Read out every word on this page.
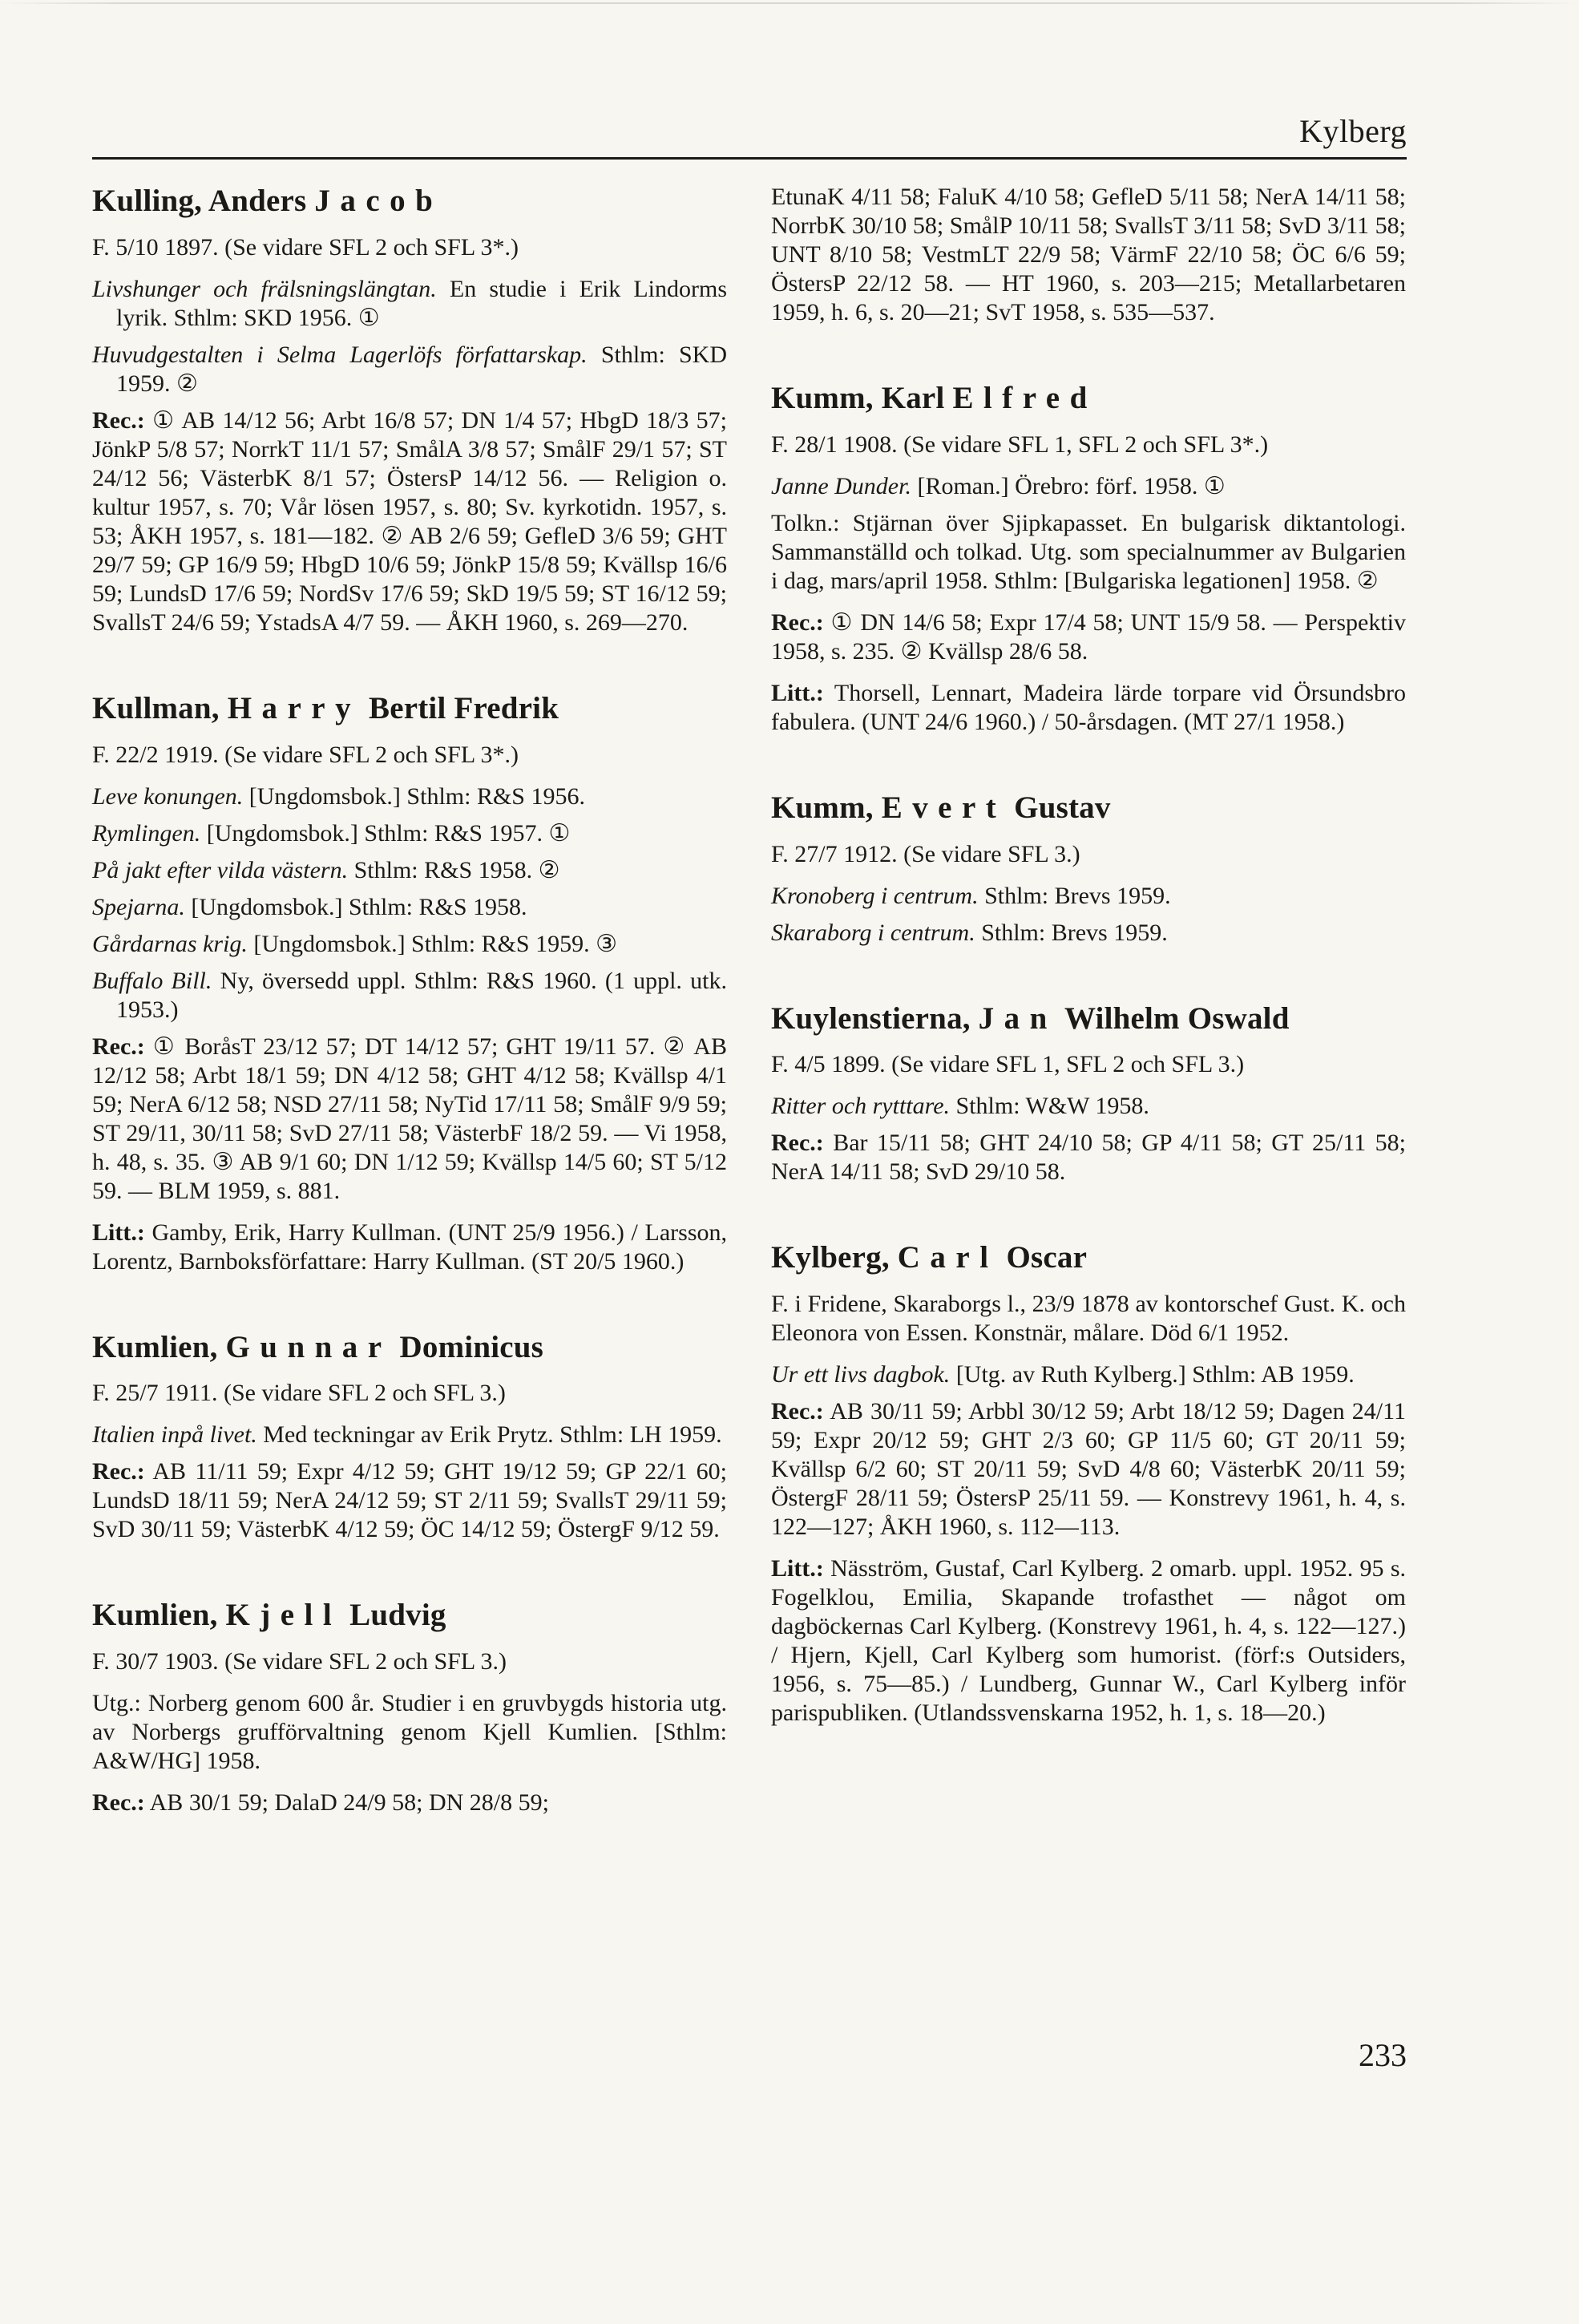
Kylberg
Kulling, Anders Jacob

F. 5/10 1897. (Se vidare SFL 2 och SFL 3*.)

Livshunger och frälsningslängtan. En studie i Erik Lindorms lyrik. Sthlm: SKD 1956. ①

Huvudgestalten i Selma Lagerlöfs författarskap. Sthlm: SKD 1959. ②

Rec.: ① AB 14/12 56; Arbt 16/8 57; DN 1/4 57; HbgD 18/3 57; JönkP 5/8 57; NorrkT 11/1 57; SmålA 3/8 57; SmålF 29/1 57; ST 24/12 56; VästerbK 8/1 57; ÖstersP 14/12 56. — Religion o. kultur 1957, s. 70; Vår lösen 1957, s. 80; Sv. kyrkotidn. 1957, s. 53; ÅKH 1957, s. 181—182. ② AB 2/6 59; GefleD 3/6 59; GHT 29/7 59; GP 16/9 59; HbgD 10/6 59; JönkP 15/8 59; Kvällsp 16/6 59; LundsD 17/6 59; NordSv 17/6 59; SkD 19/5 59; ST 16/12 59; SvallsT 24/6 59; YstadsA 4/7 59. — ÅKH 1960, s. 269—270.

Kullman, Harry Bertil Fredrik

F. 22/2 1919. (Se vidare SFL 2 och SFL 3*.)

Leve konungen. [Ungdomsbok.] Sthlm: R&S 1956.

Rymlingen. [Ungdomsbok.] Sthlm: R&S 1957. ①

På jakt efter vilda västern. Sthlm: R&S 1958. ②

Spejarna. [Ungdomsbok.] Sthlm: R&S 1958.

Gårdarnas krig. [Ungdomsbok.] Sthlm: R&S 1959. ③

Buffalo Bill. Ny, översedd uppl. Sthlm: R&S 1960. (1 uppl. utk. 1953.)

Rec.: ① BoråsT 23/12 57; DT 14/12 57; GHT 19/11 57. ② AB 12/12 58; Arbt 18/1 59; DN 4/12 58; GHT 4/12 58; Kvällsp 4/1 59; NerA 6/12 58; NSD 27/11 58; NyTid 17/11 58; SmålF 9/9 59; ST 29/11, 30/11 58; SvD 27/11 58; VästerbF 18/2 59. — Vi 1958, h. 48, s. 35. ③ AB 9/1 60; DN 1/12 59; Kvällsp 14/5 60; ST 5/12 59. — BLM 1959, s. 881.

Litt.: Gamby, Erik, Harry Kullman. (UNT 25/9 1956.) / Larsson, Lorentz, Barnboksförfattare: Harry Kullman. (ST 20/5 1960.)

Kumlien, Gunnar Dominicus

F. 25/7 1911. (Se vidare SFL 2 och SFL 3.)

Italien inpå livet. Med teckningar av Erik Prytz. Sthlm: LH 1959.

Rec.: AB 11/11 59; Expr 4/12 59; GHT 19/12 59; GP 22/1 60; LundsD 18/11 59; NerA 24/12 59; ST 2/11 59; SvallsT 29/11 59; SvD 30/11 59; VästerbK 4/12 59; ÖC 14/12 59; ÖstergF 9/12 59.

Kumlien, Kjell Ludvig

F. 30/7 1903. (Se vidare SFL 2 och SFL 3.)

Utg.: Norberg genom 600 år. Studier i en gruvbygds historia utg. av Norbergs grufförvaltning genom Kjell Kumlien. [Sthlm: A&W/HG] 1958.

Rec.: AB 30/1 59; DalaD 24/9 58; DN 28/8 59;

EtunaK 4/11 58; FaluK 4/10 58; GefleD 5/11 58; NerA 14/11 58; NorrbK 30/10 58; SmålP 10/11 58; SvallsT 3/11 58; SvD 3/11 58; UNT 8/10 58; VestmLT 22/9 58; VärmF 22/10 58; ÖC 6/6 59; ÖstersP 22/12 58. — HT 1960, s. 203—215; Metallarbetaren 1959, h. 6, s. 20—21; SvT 1958, s. 535—537.

Kumm, Karl Elfred

F. 28/1 1908. (Se vidare SFL 1, SFL 2 och SFL 3*.)

Janne Dunder. [Roman.] Örebro: förf. 1958. ①

Tolkn.: Stjärnan över Sjipkapasset. En bulgarisk diktantologi. Sammanställd och tolkad. Utg. som specialnummer av Bulgarien i dag, mars/april 1958. Sthlm: [Bulgariska legationen] 1958. ②

Rec.: ① DN 14/6 58; Expr 17/4 58; UNT 15/9 58. — Perspektiv 1958, s. 235. ② Kvällsp 28/6 58.

Litt.: Thorsell, Lennart, Madeira lärde torpare vid Örsundsbro fabulera. (UNT 24/6 1960.) / 50-årsdagen. (MT 27/1 1958.)

Kumm, Evert Gustav

F. 27/7 1912. (Se vidare SFL 3.)

Kronoberg i centrum. Sthlm: Brevs 1959.

Skaraborg i centrum. Sthlm: Brevs 1959.

Kuylenstierna, Jan Wilhelm Oswald

F. 4/5 1899. (Se vidare SFL 1, SFL 2 och SFL 3.)

Ritter och rytttare. Sthlm: W&W 1958.

Rec.: Bar 15/11 58; GHT 24/10 58; GP 4/11 58; GT 25/11 58; NerA 14/11 58; SvD 29/10 58.

Kylberg, Carl Oscar

F. i Fridene, Skaraborgs l., 23/9 1878 av kontorschef Gust. K. och Eleonora von Essen. Konstnär, målare. Död 6/1 1952.

Ur ett livs dagbok. [Utg. av Ruth Kylberg.] Sthlm: AB 1959.

Rec.: AB 30/11 59; Arbbl 30/12 59; Arbt 18/12 59; Dagen 24/11 59; Expr 20/12 59; GHT 2/3 60; GP 11/5 60; GT 20/11 59; Kvällsp 6/2 60; ST 20/11 59; SvD 4/8 60; VästerbK 20/11 59; ÖstergF 28/11 59; ÖstersP 25/11 59. — Konstrevy 1961, h. 4, s. 122—127; ÅKH 1960, s. 112—113.

Litt.: Näsström, Gustaf, Carl Kylberg. 2 omarb. uppl. 1952. 95 s. Fogelklou, Emilia, Skapande trofasthet — något om dagböckernas Carl Kylberg. (Konstrevy 1961, h. 4, s. 122—127.) / Hjern, Kjell, Carl Kylberg som humorist. (förf:s Outsiders, 1956, s. 75—85.) / Lundberg, Gunnar W., Carl Kylberg inför parispubliken. (Utlandssvenskarna 1952, h. 1, s. 18—20.)

233
